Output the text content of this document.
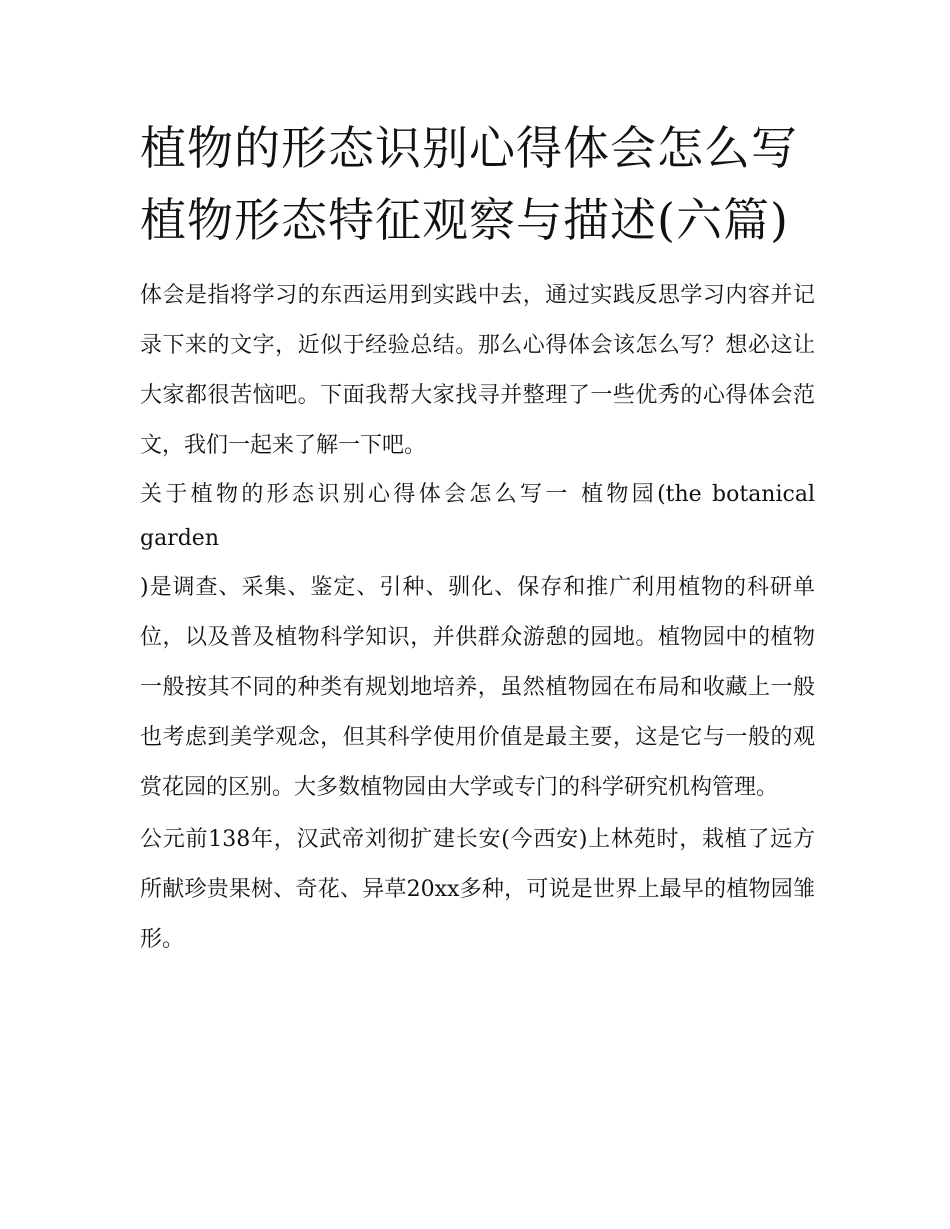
植物的形态识别心得体会怎么写 植物形态特征观察与描述(六篇)

体会是指将学习的东西运用到实践中去，通过实践反思学习内容并记录下来的文字，近似于经验总结。那么心得体会该怎么写？想必这让大家都很苦恼吧。下面我帮大家找寻并整理了一些优秀的心得体会范文，我们一起来了解一下吧。

关于植物的形态识别心得体会怎么写一 植物园(the botanical garden

)是调查、采集、鉴定、引种、驯化、保存和推广利用植物的科研单位，以及普及植物科学知识，并供群众游憩的园地。植物园中的植物一般按其不同的种类有规划地培养，虽然植物园在布局和收藏上一般也考虑到美学观念，但其科学使用价值是最主要，这是它与一般的观赏花园的区别。大多数植物园由大学或专门的科学研究机构管理。

公元前138年，汉武帝刘彻扩建长安(今西安)上林苑时，栽植了远方所献珍贵果树、奇花、异草20xx多种，可说是世界上最早的植物园雏形。
